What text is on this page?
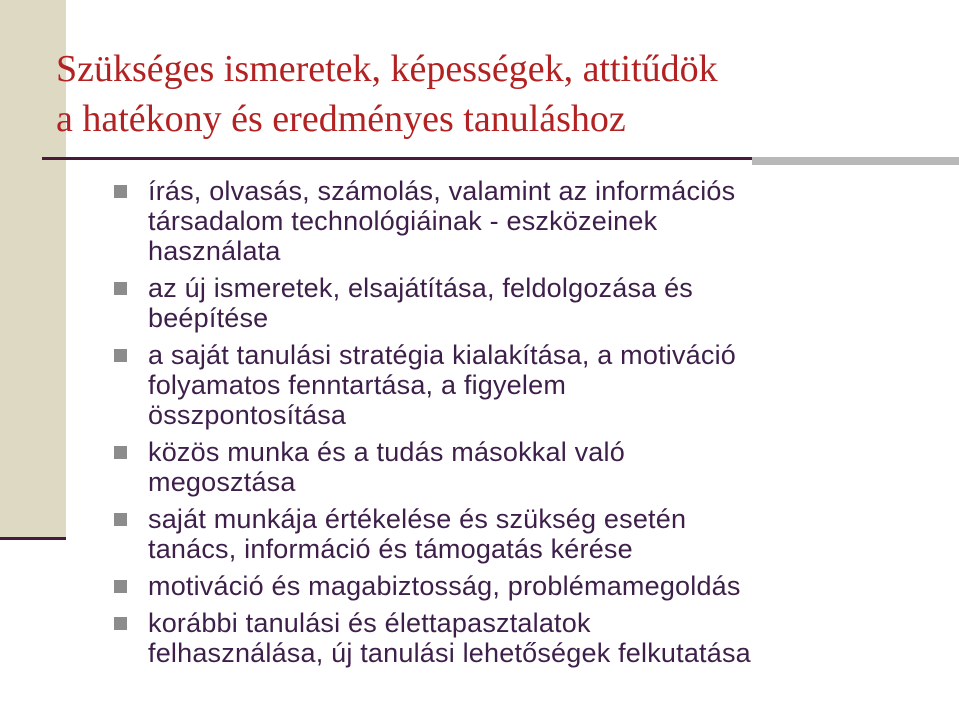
Szükséges ismeretek, képességek, attitűdök
a hatékony és eredményes tanuláshoz
írás, olvasás, számolás, valamint az információs
társadalom technológiáinak - eszközeinek
használata
az új ismeretek, elsajátítása, feldolgozása és
beépítése
a saját tanulási stratégia kialakítása, a motiváció
folyamatos fenntartása, a figyelem
összpontosítása
közös munka és a tudás másokkal való
megosztása
saját munkája értékelése és szükség esetén
tanács, információ és támogatás kérése
motiváció és magabiztosság, problémamegoldás
korábbi tanulási és élettapasztalatok
felhasználása, új tanulási lehetőségek felkutatása
